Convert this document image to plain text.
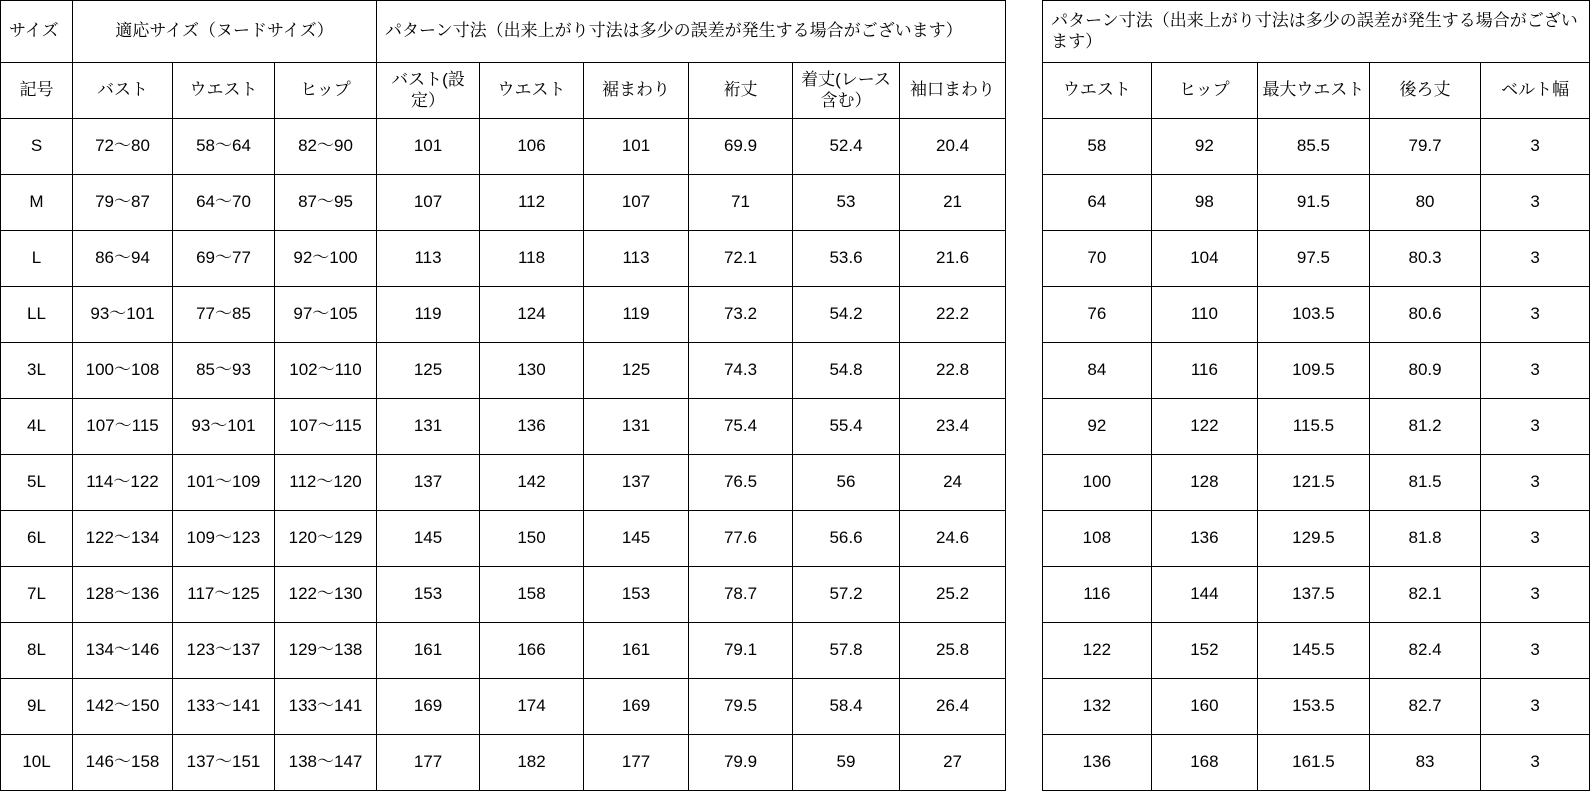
サイズ	適応サイズ（ヌードサイズ）			パターン寸法（出来上がり寸法は多少の誤差が発生する場合がございます）						
記号	バスト	ウエスト	ヒップ	バスト(設定）	ウエスト	裾まわり	裄丈	着丈(レース含む）	袖口まわり	
S	72〜80	58〜64	82〜90	101	106	101	69.9	52.4	20.4	
M	79〜87	64〜70	87〜95	107	112	107	71	53	21	
L	86〜94	69〜77	92〜100	113	118	113	72.1	53.6	21.6	
LL	93〜101	77〜85	97〜105	119	124	119	73.2	54.2	22.2	
3L	100〜108	85〜93	102〜110	125	130	125	74.3	54.8	22.8	
4L	107〜115	93〜101	107〜115	131	136	131	75.4	55.4	23.4	
5L	114〜122	101〜109	112〜120	137	142	137	76.5	56	24	
6L	122〜134	109〜123	120〜129	145	150	145	77.6	56.6	24.6	
7L	128〜136	117〜125	122〜130	153	158	153	78.7	57.2	25.2	
8L	134〜146	123〜137	129〜138	161	166	161	79.1	57.8	25.8	
9L	142〜150	133〜141	133〜141	169	174	169	79.5	58.4	26.4	
10L	146〜158	137〜151	138〜147	177	182	177	79.9	59	27	
パターン寸法（出来上がり寸法は多少の誤差が発生する場合がございます）				
ウエスト	ヒップ	最大ウエスト	後ろ丈	ベルト幅
58	92	85.5	79.7	3
64	98	91.5	80	3
70	104	97.5	80.3	3
76	110	103.5	80.6	3
84	116	109.5	80.9	3
92	122	115.5	81.2	3
100	128	121.5	81.5	3
108	136	129.5	81.8	3
116	144	137.5	82.1	3
122	152	145.5	82.4	3
132	160	153.5	82.7	3
136	168	161.5	83	3
